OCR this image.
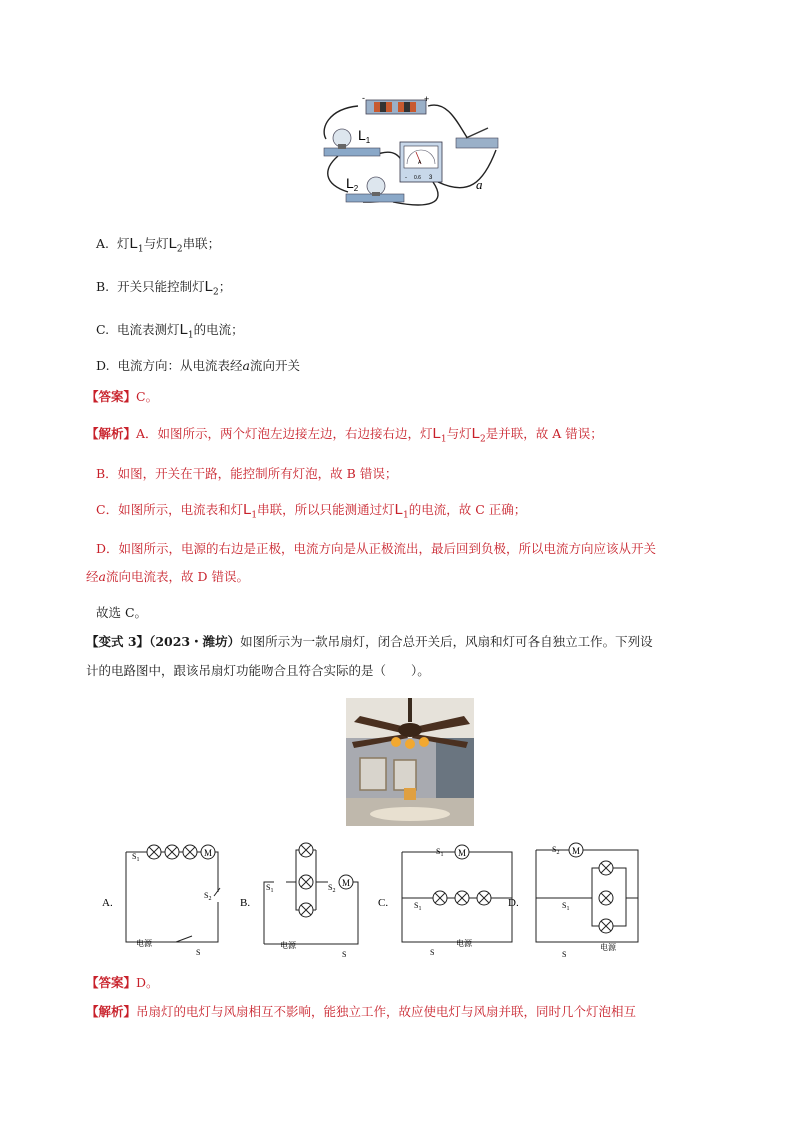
-	+
$L_1$
$L_2$
A
- 0.6 3	a
A. 灯$L_1$与灯$L_2$串联；
B. 开关只能控制灯$L_2$；
C. 电流表测灯$L_1$的电流；
D. 电流方向：从电流表经a流向开关
【答案】C。
【解析】A．如图所示，两个灯泡左边接左边，右边接右边，灯$L_1$与灯$L_2$是并联，故 A 错误；
B．如图，开关在干路，能控制所有灯泡，故 B 错误；
C．如图所示，电流表和灯$L_1$串联，所以只能测通过灯$L_1$的电流，故 C 正确；
D．如图所示，电源的右边是正极，电流方向是从正极流出，最后回到负极，所以电流方向应该从开关
经a流向电流表，故 D 错误。
故选 C。
【变式 3】（2023・潍坊）如图所示为一款吊扇灯，闭合总开关后，风扇和灯可各自独立工作。下列设
计的电路图中，跟该吊扇灯功能吻合且符合实际的是（　　）。
M
$S_1$
$S_2$
电源
S
A.
M
$S_1$	$S_2$
电源
S
B.
M
$S_1$
$S_1$
电源
S
C.
M
$S_2$
$S_1$
电源
S
D.
【答案】D。
【解析】吊扇灯的电灯与风扇相互不影响，能独立工作，故应使电灯与风扇并联，同时几个灯泡相互
